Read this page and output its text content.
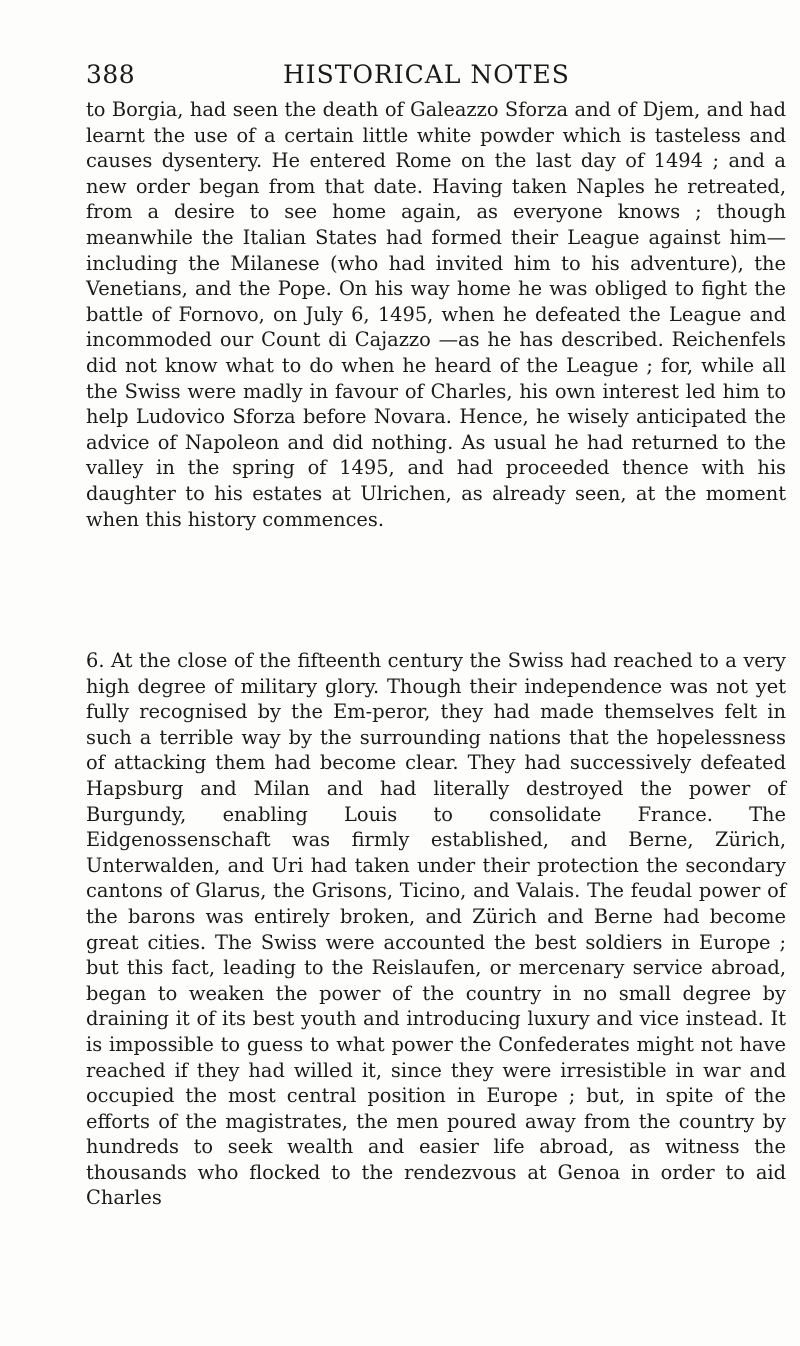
388	HISTORICAL NOTES

to Borgia, had seen the death of Galeazzo Sforza and of Djem, and had learnt the use of a certain little white powder which is tasteless and causes dysentery. He entered Rome on the last day of 1494 ; and a new order began from that date. Having taken Naples he retreated, from a desire to see home again, as everyone knows ; though meanwhile the Italian States had formed their League against him—including the Milanese (who had invited him to his adventure), the Venetians, and the Pope. On his way home he was obliged to fight the battle of Fornovo, on July 6, 1495, when he defeated the League and incommoded our Count di Cajazzo —as he has described. Reichenfels did not know what to do when he heard of the League ; for, while all the Swiss were madly in favour of Charles, his own interest led him to help Ludovico Sforza before Novara. Hence, he wisely anticipated the advice of Napoleon and did nothing. As usual he had returned to the valley in the spring of 1495, and had proceeded thence with his daughter to his estates at Ulrichen, as already seen, at the moment when this history commences.

6. At the close of the fifteenth century the Swiss had reached to a very high degree of military glory. Though their independence was not yet fully recognised by the Em-peror, they had made themselves felt in such a terrible way by the surrounding nations that the hopelessness of attacking them had become clear. They had successively defeated Hapsburg and Milan and had literally destroyed the power of Burgundy, enabling Louis to consolidate France. The Eidgenossenschaft was firmly established, and Berne, Zürich, Unterwalden, and Uri had taken under their protection the secondary cantons of Glarus, the Grisons, Ticino, and Valais. The feudal power of the barons was entirely broken, and Zürich and Berne had become great cities. The Swiss were accounted the best soldiers in Europe ; but this fact, leading to the Reislaufen, or mercenary service abroad, began to weaken the power of the country in no small degree by draining it of its best youth and introducing luxury and vice instead. It is impossible to guess to what power the Confederates might not have reached if they had willed it, since they were irresistible in war and occupied the most central position in Europe ; but, in spite of the efforts of the magistrates, the men poured away from the country by hundreds to seek wealth and easier life abroad, as witness the thousands who flocked to the rendezvous at Genoa in order to aid Charles
